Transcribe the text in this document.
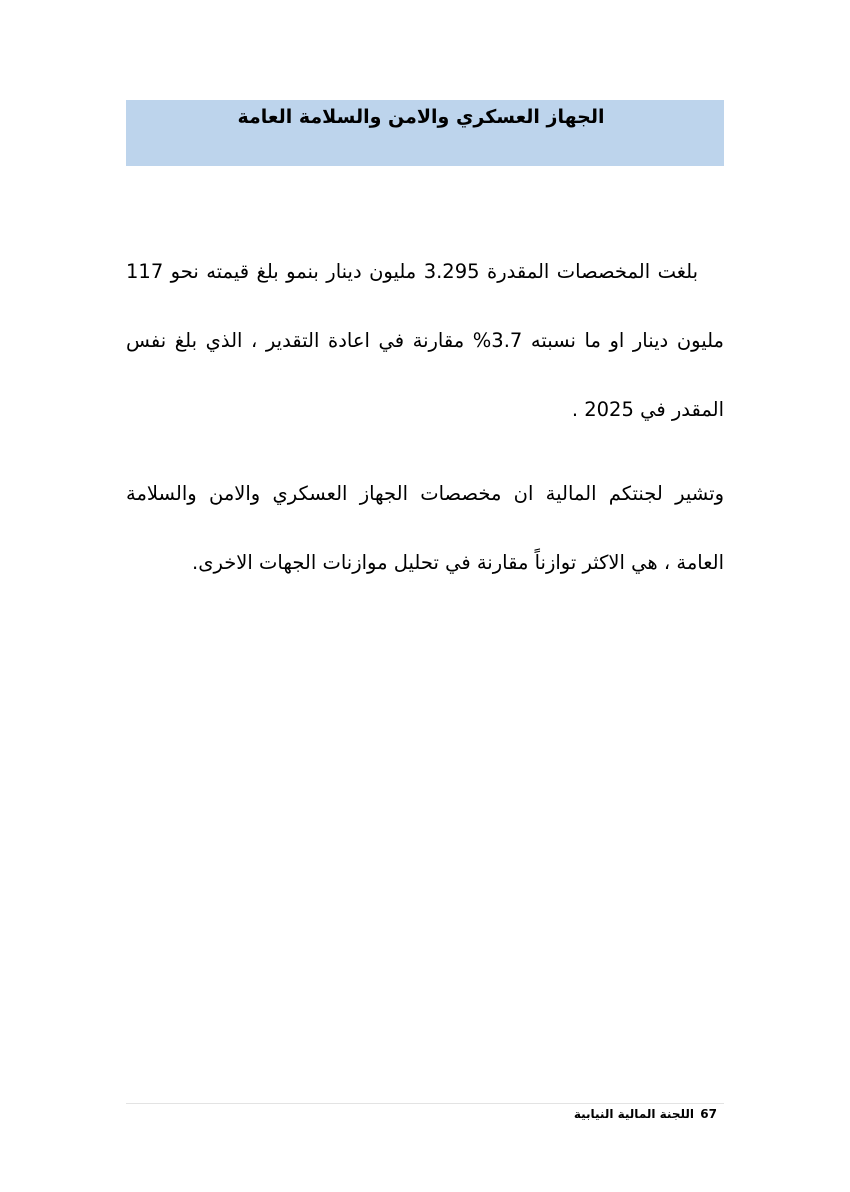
الجهاز العسكري والامن والسلامة العامة

بلغت المخصصات المقدرة 3.295 مليون دينار بنمو بلغ قيمته نحو 117 مليون دينار او ما نسبته 3.7% مقارنة في اعادة التقدير ، الذي بلغ نفس المقدر في 2025 .

وتشير لجنتكم المالية ان مخصصات الجهاز العسكري والامن والسلامة العامة ، هي الاكثر توازناً مقارنة في تحليل موازنات الجهات الاخرى.

67
اللجنة المالية النيابية
